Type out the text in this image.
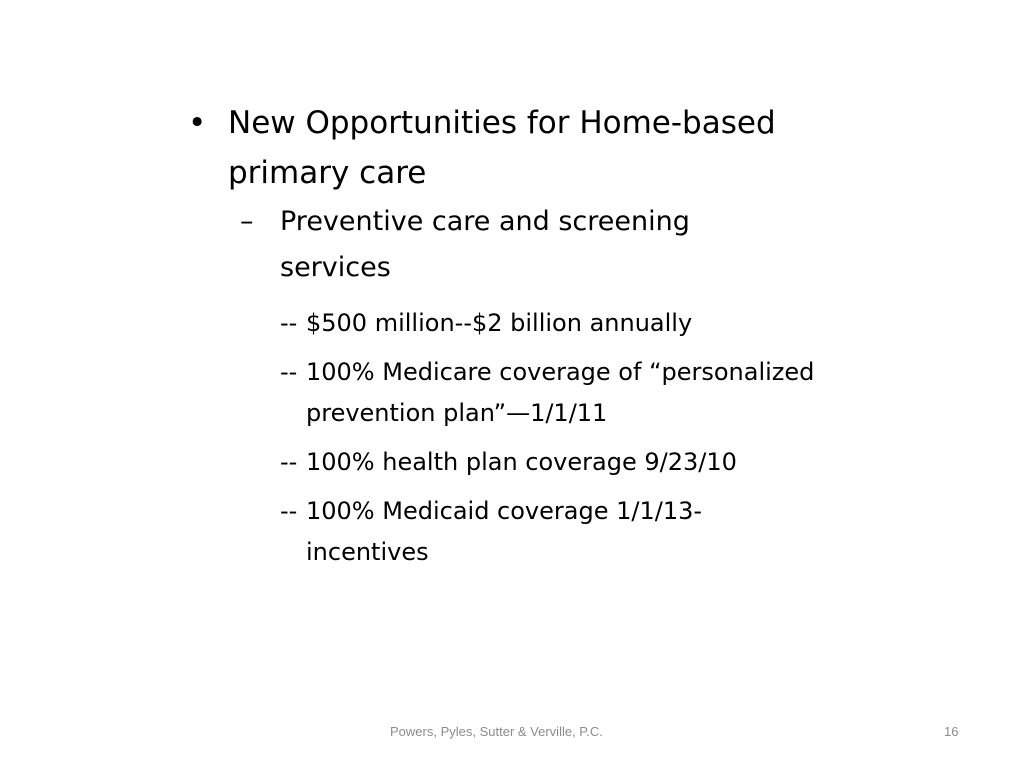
• New Opportunities for Home-based primary care
– Preventive care and screening services
-- $500 million--$2 billion annually
-- 100% Medicare coverage of “personalized prevention plan”—1/1/11
-- 100% health plan coverage 9/23/10
-- 100% Medicaid coverage 1/1/13-incentives
Powers, Pyles, Sutter & Verville, P.C.	16
